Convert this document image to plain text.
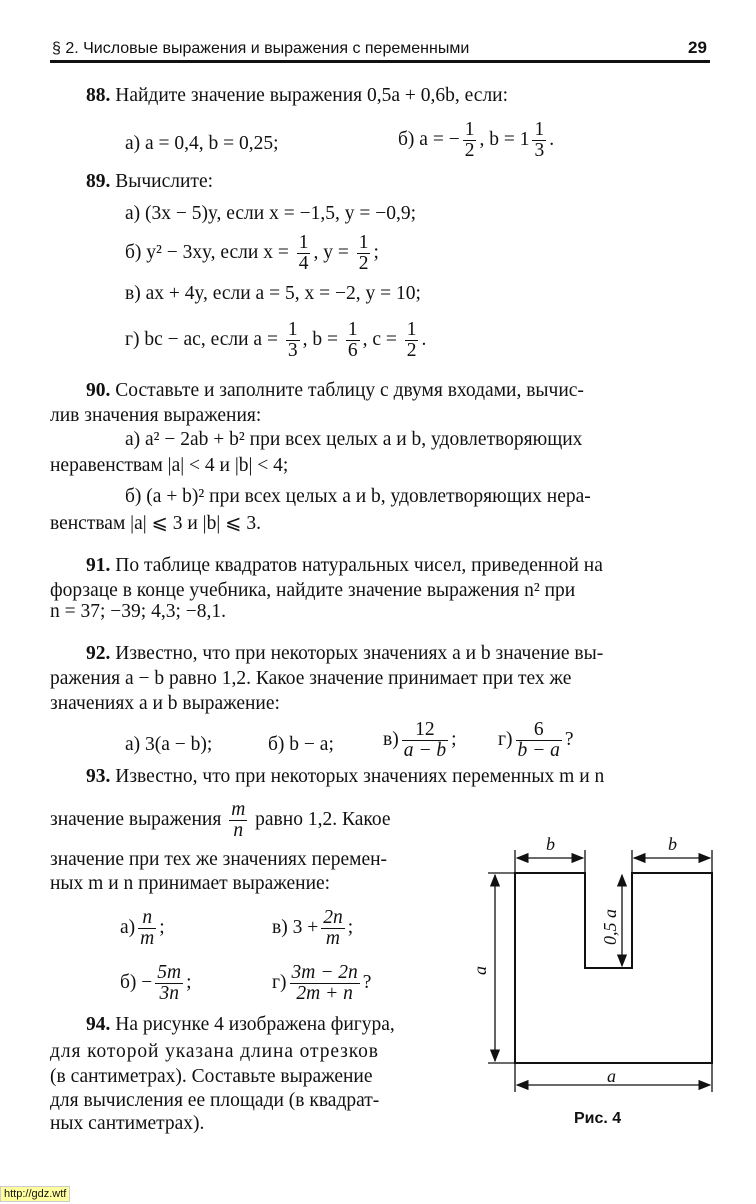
§ 2. Числовые выражения и выражения с переменными	29
88. Найдите значение выражения 0,5a + 0,6b, если:
а) a = 0,4, b = 0,25;	б) a = − $\frac{1}{2}$ , $b = 1 \frac{1}{3}$ .
89. Вычислите:
а) (3x − 5)y, если x = −1,5, y = −0,9;
б) y² − 3xy, если $x = \frac{1}{4}$ , $y = \frac{1}{2}$ ;
в) ax + 4y, если a = 5, x = −2, y = 10;
г) bc − ac, если $a = \frac{1}{3}$ , $b = \frac{1}{6}$ , $c = \frac{1}{2}$ .
90. Составьте и заполните таблицу с двумя входами, вычис-
лив значения выражения:
а) a² − 2ab + b² при всех целых a и b, удовлетворяющих
неравенствам |a| < 4 и |b| < 4;
б) (a + b)² при всех целых a и b, удовлетворяющих нера-
венствам |a| ⩽ 3 и |b| ⩽ 3.
91. По таблице квадратов натуральных чисел, приведенной на
форзаце в конце учебника, найдите значение выражения n² при
n = 37; −39; 4,3; −8,1.
92. Известно, что при некоторых значениях a и b значение вы-
ражения a − b равно 1,2. Какое значение принимает при тех же
значениях a и b выражение:
а) 3(a − b);	б) b − a;	$в) \frac{12}{a - b}$ ; $г) \frac{6}{b - a}$ ?
93. Известно, что при некоторых значениях переменных m и n
значение выражения $\frac{m}{n}$ равно 1,2. Какое
значение при тех же значениях перемен-
ных m и n принимает выражение:
$а) \frac{n}{m}$ ;	в) $3 + \frac{2n}{m}$ ;
$б) - \frac{5m}{3n}$ ;	$г) \frac{3m - 2n}{2m + n}$ ?
94. На рисунке 4 изображена фигура,
для которой указана длина отрезков
(в сантиметрах). Составьте выражение
для вычисления ее площади (в квадрат-
ных сантиметрах).
b	b
a
0,5 a
a
Рис. 4
http://gdz.wtf
